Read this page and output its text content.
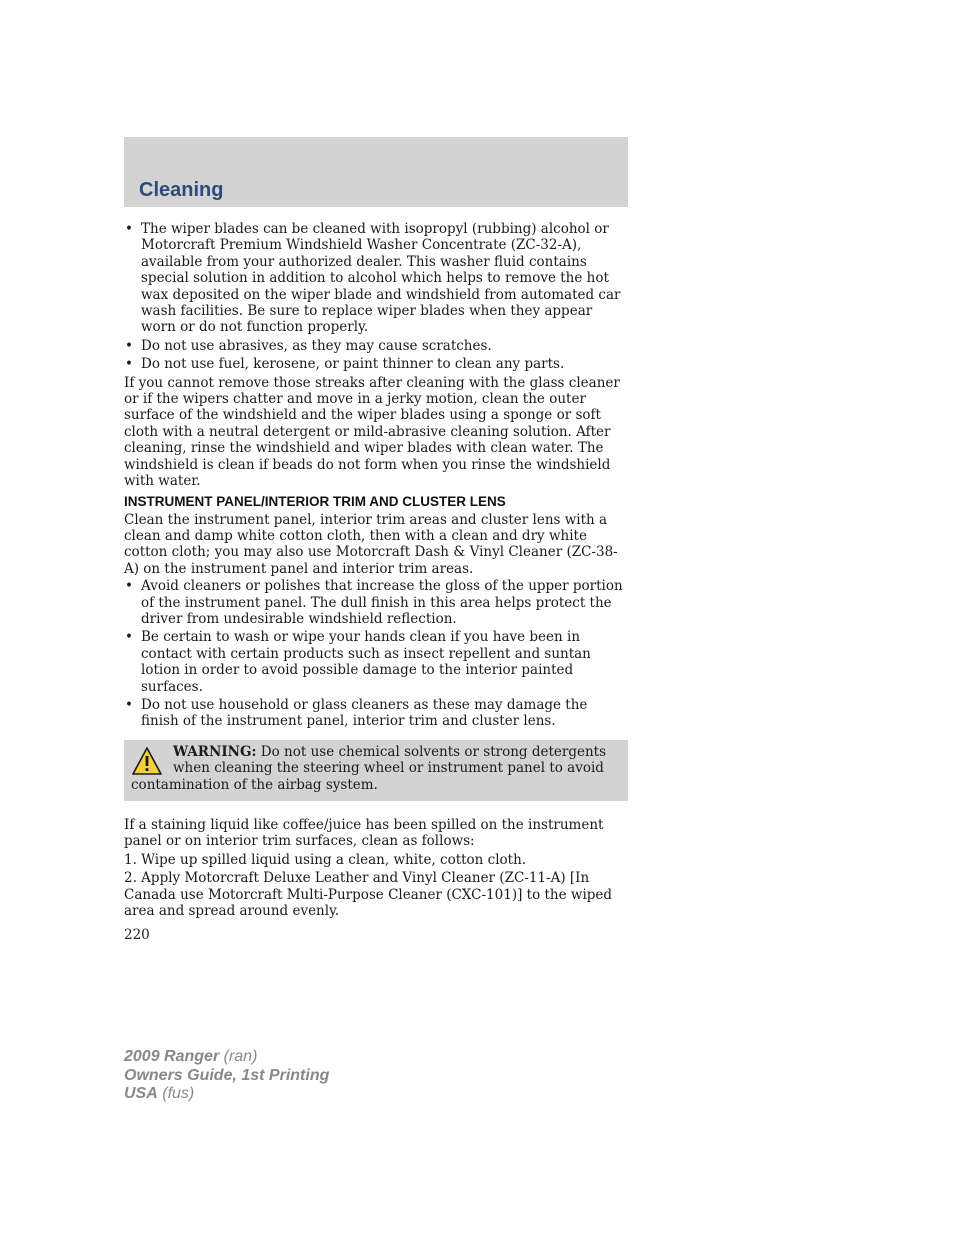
Cleaning
• The wiper blades can be cleaned with isopropyl (rubbing) alcohol or Motorcraft Premium Windshield Washer Concentrate (ZC-32-A), available from your authorized dealer. This washer fluid contains special solution in addition to alcohol which helps to remove the hot wax deposited on the wiper blade and windshield from automated car wash facilities. Be sure to replace wiper blades when they appear worn or do not function properly.
• Do not use abrasives, as they may cause scratches.
• Do not use fuel, kerosene, or paint thinner to clean any parts.

If you cannot remove those streaks after cleaning with the glass cleaner or if the wipers chatter and move in a jerky motion, clean the outer surface of the windshield and the wiper blades using a sponge or soft cloth with a neutral detergent or mild-abrasive cleaning solution. After cleaning, rinse the windshield and wiper blades with clean water. The windshield is clean if beads do not form when you rinse the windshield with water.

INSTRUMENT PANEL/INTERIOR TRIM AND CLUSTER LENS

Clean the instrument panel, interior trim areas and cluster lens with a clean and damp white cotton cloth, then with a clean and dry white cotton cloth; you may also use Motorcraft Dash & Vinyl Cleaner (ZC-38-A) on the instrument panel and interior trim areas.

• Avoid cleaners or polishes that increase the gloss of the upper portion of the instrument panel. The dull finish in this area helps protect the driver from undesirable windshield reflection.
• Be certain to wash or wipe your hands clean if you have been in contact with certain products such as insect repellent and suntan lotion in order to avoid possible damage to the interior painted surfaces.
• Do not use household or glass cleaners as these may damage the finish of the instrument panel, interior trim and cluster lens.
WARNING: Do not use chemical solvents or strong detergents when cleaning the steering wheel or instrument panel to avoid contamination of the airbag system.

If a staining liquid like coffee/juice has been spilled on the instrument panel or on interior trim surfaces, clean as follows:

1. Wipe up spilled liquid using a clean, white, cotton cloth.

2. Apply Motorcraft Deluxe Leather and Vinyl Cleaner (ZC-11-A) [In Canada use Motorcraft Multi-Purpose Cleaner (CXC-101)] to the wiped area and spread around evenly.

220
2009 Ranger (ran)
Owners Guide, 1st Printing
USA (fus)
